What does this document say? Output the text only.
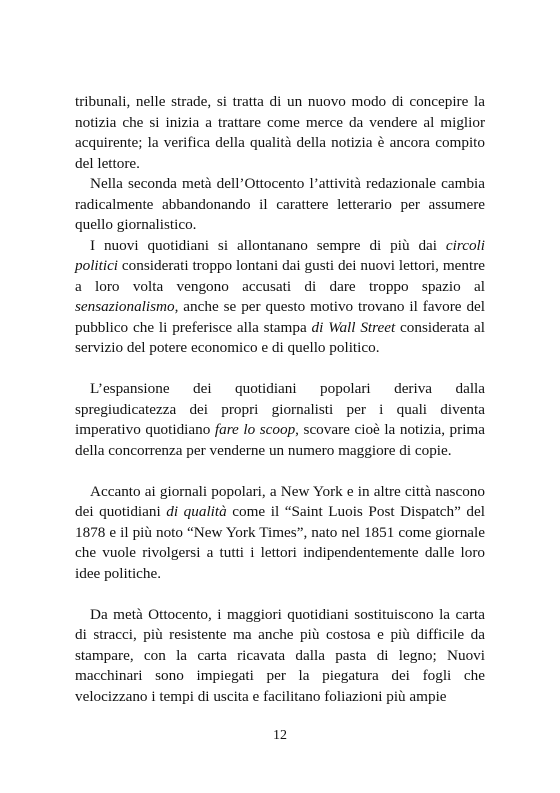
tribunali, nelle strade, si tratta di un nuovo modo di concepire la notizia che si inizia a trattare come merce da vendere al miglior acquirente; la verifica della qualità della notizia è ancora compito del lettore.

Nella seconda metà dell’Ottocento l’attività redazionale cambia radicalmente abbandonando il carattere letterario per assumere quello giornalistico.

I nuovi quotidiani si allontanano sempre di più dai circoli politici considerati troppo lontani dai gusti dei nuovi lettori, mentre a loro volta vengono accusati di dare troppo spazio al sensazionalismo, anche se per questo motivo trovano il favore del pubblico che li preferisce alla stampa di Wall Street considerata al servizio del potere economico e di quello politico.

L’espansione dei quotidiani popolari deriva dalla spregiudicatezza dei propri giornalisti per i quali diventa imperativo quotidiano fare lo scoop, scovare cioè la notizia, prima della concorrenza per venderne un numero maggiore di copie.

Accanto ai giornali popolari, a New York e in altre città nascono dei quotidiani di qualità come il “Saint Luois Post Dispatch” del 1878 e il più noto “New York Times”, nato nel 1851 come giornale che vuole rivolgersi a tutti i lettori indipendentemente dalle loro idee politiche.

Da metà Ottocento, i maggiori quotidiani sostituiscono la carta di stracci, più resistente ma anche più costosa e più difficile da stampare, con la carta ricavata dalla pasta di legno; Nuovi macchinari sono impiegati per la piegatura dei fogli che velocizzano i tempi di uscita e facilitano foliazioni più ampie

12
